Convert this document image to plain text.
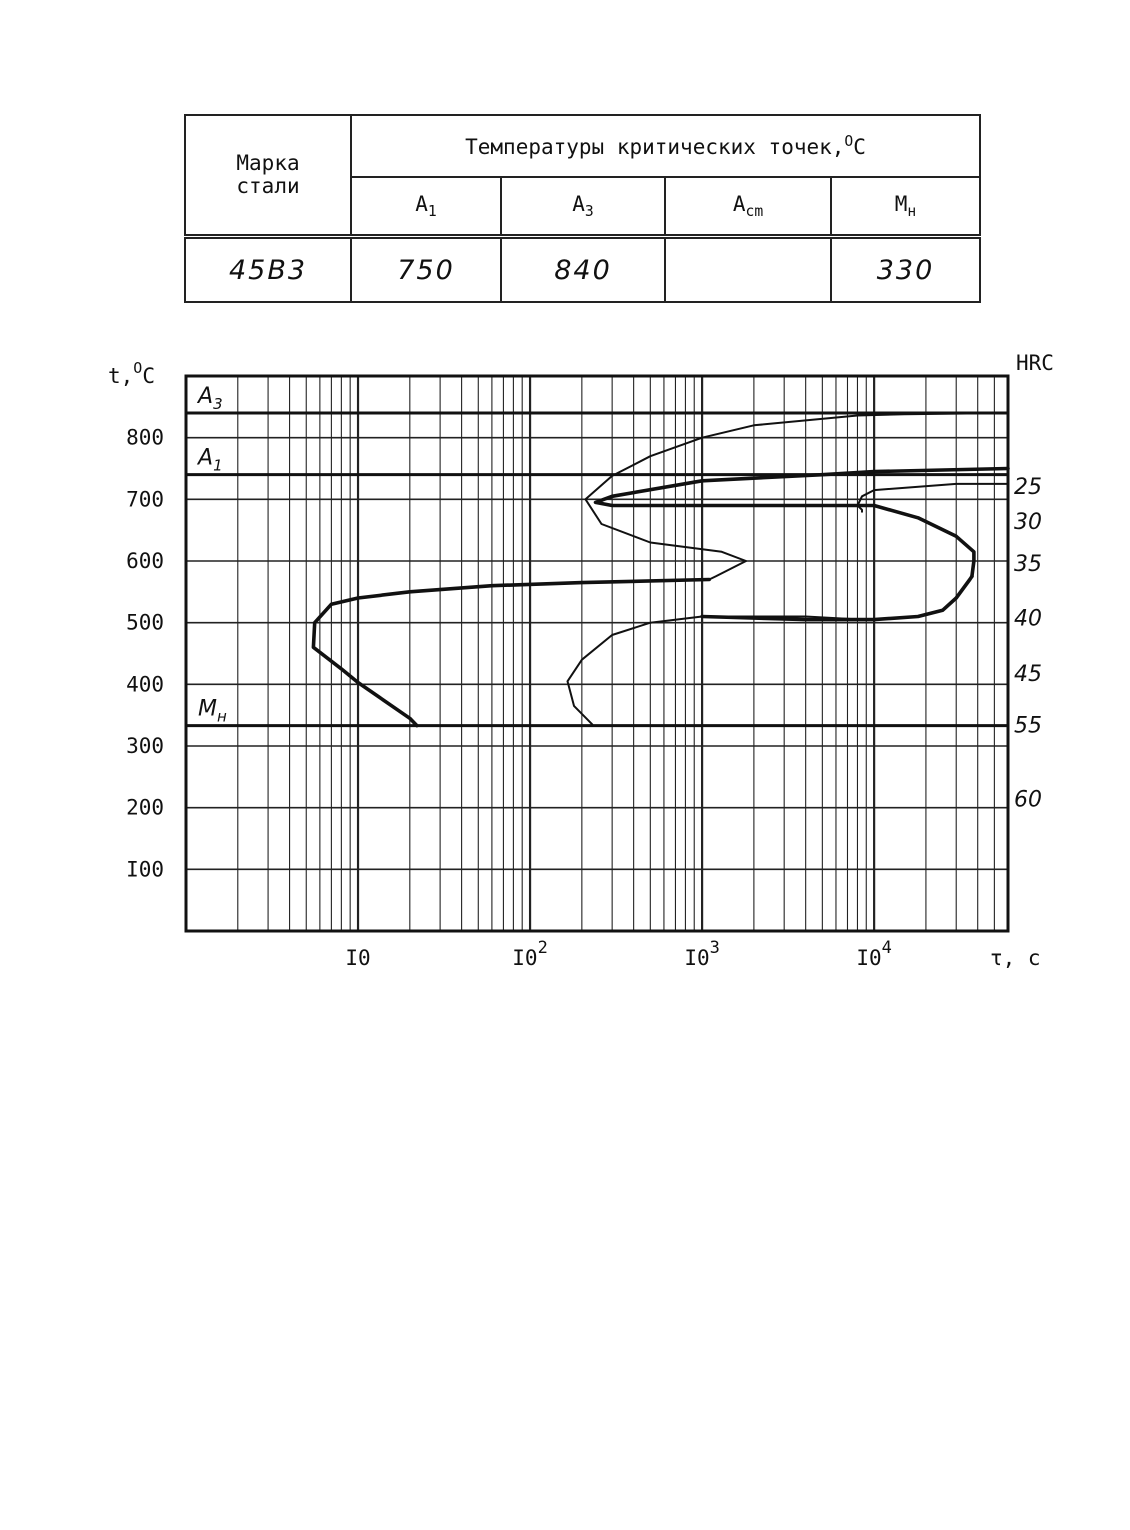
Марка стали	Температуры критических точек,$^O$C			
	$A_1$	$A_3$	$A_{cm}$	$M_н$
45В3	750	840		330
$A_3$
$A_1$
$M_н$
I00
200
300
400
500
600
700
800
I0	$I0^2$	$I0^3$	$I0^4$
25
30
35
40
45
55
60
t,$^O$C
HRC
τ, с
